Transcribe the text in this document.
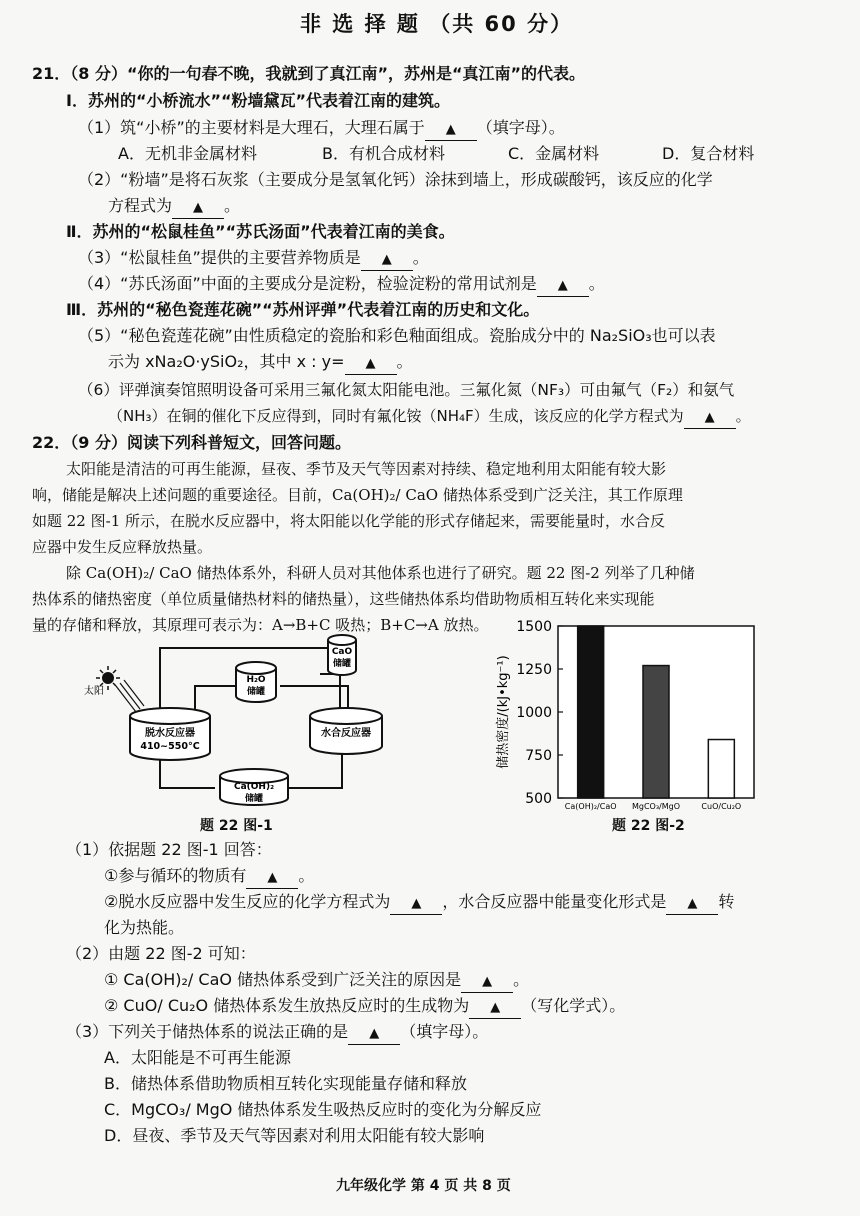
非 选 择 题 （共 60 分）
21．（8 分）“你的一句春不晚，我就到了真江南”，苏州是“真江南”的代表。
Ⅰ．苏州的“小桥流水”“粉墙黛瓦”代表着江南的建筑。
（1）筑“小桥”的主要材料是大理石，大理石属于 ▲ （填字母）。
A．无机非金属材料	B．有机合成材料	C．金属材料	D．复合材料
（2）“粉墙”是将石灰浆（主要成分是氢氧化钙）涂抹到墙上，形成碳酸钙，该反应的化学
方程式为 ▲ 。
Ⅱ．苏州的“松鼠桂鱼”“苏氏汤面”代表着江南的美食。
（3）“松鼠桂鱼”提供的主要营养物质是 ▲ 。
（4）“苏氏汤面”中面的主要成分是淀粉，检验淀粉的常用试剂是 ▲ 。
Ⅲ．苏州的“秘色瓷莲花碗”“苏州评弹”代表着江南的历史和文化。
（5）“秘色瓷莲花碗”由性质稳定的瓷胎和彩色釉面组成。瓷胎成分中的 Na₂SiO₃也可以表
示为 xNa₂O·ySiO₂，其中 x : y= ▲ 。
（6）评弹演奏馆照明设备可采用三氟化氮太阳能电池。三氟化氮（NF₃）可由氟气（F₂）和氨气
（NH₃）在铜的催化下反应得到，同时有氟化铵（NH₄F）生成，该反应的化学方程式为 ▲ 。
22．（9 分）阅读下列科普短文，回答问题。
太阳能是清洁的可再生能源，昼夜、季节及天气等因素对持续、稳定地利用太阳能有较大影
响，储能是解决上述问题的重要途径。目前，Ca(OH)₂/ CaO 储热体系受到广泛关注，其工作原理
如题 22 图-1 所示，在脱水反应器中，将太阳能以化学能的形式存储起来，需要能量时，水合反
应器中发生反应释放热量。
除 Ca(OH)₂/ CaO 储热体系外，科研人员对其他体系也进行了研究。题 22 图-2 列举了几种储
热体系的储热密度（单位质量储热材料的储热量），这些储热体系均借助物质相互转化来实现能
量的存储和释放，其原理可表示为：A→B+C 吸热；B+C→A 放热。
太阳
脱水反应器
410~550°C
水合反应器
CaO
储罐
H₂O
储罐
Ca(OH)₂
储罐
题 22 图-1
储热密度/(kJ•kg⁻¹)
1500
1250
1000
750
500 Ca(OH)₂/CaO MgCO₃/MgO	CuO/Cu₂O
题 22 图-2
（1）依据题 22 图-1 回答：
①参与循环的物质有 ▲ 。
②脱水反应器中发生反应的化学方程式为 ▲ ，水合反应器中能量变化形式是 ▲ 转
化为热能。
（2）由题 22 图-2 可知：
① Ca(OH)₂/ CaO 储热体系受到广泛关注的原因是 ▲ 。
② CuO/ Cu₂O 储热体系发生放热反应时的生成物为 ▲ （写化学式）。
（3）下列关于储热体系的说法正确的是 ▲ （填字母）。
A．太阳能是不可再生能源
B．储热体系借助物质相互转化实现能量存储和释放
C．MgCO₃/ MgO 储热体系发生吸热反应时的变化为分解反应
D．昼夜、季节及天气等因素对利用太阳能有较大影响
九年级化学 第 4 页 共 8 页
